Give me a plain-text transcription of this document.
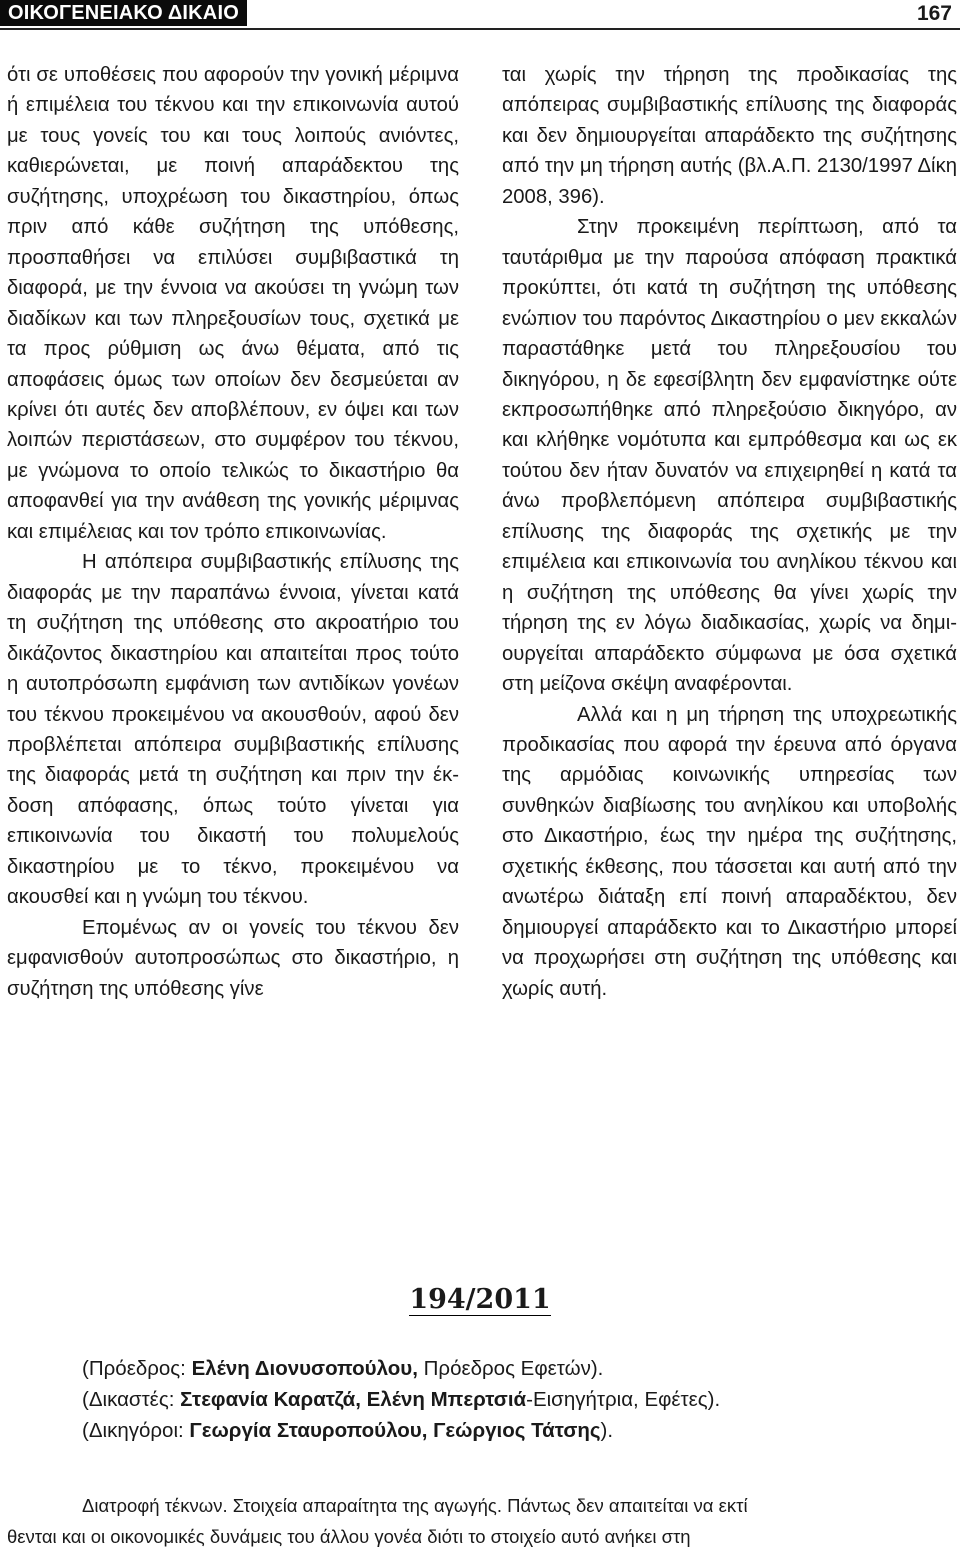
ΟΙΚΟΓΕΝΕΙΑΚΟ ΔΙΚΑΙΟ	167

ότι σε υποθέσεις που αφορούν την γονική μέριμνα ή επιμέλεια του τέκνου και την επικοινωνία αυτού με τους γονείς του και τους λοιπούς ανιόντες, καθιερώνεται, με ποινή απαράδεκτου της συζήτησης, υποχρέωση του δικαστηρίου, όπως πριν από κάθε συζήτηση της υπόθεσης, προσπαθήσει να επιλύσει συμβιβαστικά τη διαφορά, με την έννοια να ακούσει τη γνώμη των διαδίκων και των πληρεξουσίων τους, σχετικά με τα προς ρύθμιση ως άνω θέματα, από τις αποφάσεις όμως των οποίων δεν δεσμεύεται αν κρίνει ότι αυτές δεν αποβλέπουν, εν όψει και των λοιπών περιστάσεων, στο συμφέρον του τέκνου, με γνώμονα το οποίο τελικώς το δικαστήριο θα αποφανθεί για την ανάθεση της γονικής μέριμνας και επιμέλειας και τον τρόπο επικοινωνίας.

Η απόπειρα συμβιβαστικής επίλυσης της διαφοράς με την παραπάνω έννοια, γίνεται κατά τη συζήτηση της υπόθεσης στο ακροατήριο του δικάζοντος δικαστηρίου και απαιτείται προς τούτο η αυτοπρόσωπη εμφάνιση των αντιδίκων γονέων του τέκνου προκειμένου να ακουσθούν, αφού δεν προβλέπεται απόπειρα συμβιβαστικής επίλυσης της διαφοράς μετά τη συζήτηση και πριν την έκδοση απόφασης, όπως τούτο γίνεται για επικοινωνία του δικαστή του πολυμελούς δικαστηρίου με το τέκνο, προκειμένου να ακουσθεί και η γνώμη του τέκνου.

Επομένως αν οι γονείς του τέκνου δεν εμφανισθούν αυτοπροσώπως στο δικαστήριο, η συζήτηση της υπόθεσης γίνε

ται χωρίς την τήρηση της προδικασίας της απόπειρας συμβιβαστικής επίλυσης της διαφοράς και δεν δημιουργείται απαράδεκτο της συζήτησης από την μη τήρηση αυτής (βλ.Α.Π. 2130/1997 Δίκη 2008, 396).

Στην προκειμένη περίπτωση, από τα ταυτάριθμα με την παρούσα απόφαση πρακτικά προκύπτει, ότι κατά τη συζήτηση της υπόθεσης ενώπιον του παρόντος Δικαστηρίου ο μεν εκκαλών παραστάθηκε μετά του πληρεξουσίου του δικηγόρου, η δε εφεσίβλητη δεν εμφανίστηκε ούτε εκπροσωπήθηκε από πληρεξούσιο δικηγόρο, αν και κλήθηκε νομότυπα και εμπρόθεσμα και ως εκ τούτου δεν ήταν δυνατόν να επιχειρηθεί η κατά τα άνω προβλεπόμενη απόπειρα συμβιβαστικής επίλυσης της διαφοράς της σχετικής με την επιμέλεια και επικοινωνία του ανηλίκου τέκνου και η συζήτηση της υπόθεσης θα γίνει χωρίς την τήρηση της εν λόγω διαδικασίας, χωρίς να δημιουργείται απαράδεκτο σύμφωνα με όσα σχετικά στη μείζονα σκέψη αναφέρονται.

Αλλά και η μη τήρηση της υποχρεωτικής προδικασίας που αφορά την έρευνα από όργανα της αρμόδιας κοινωνικής υπηρεσίας των συνθηκών διαβίωσης του ανηλίκου και υποβολής στο Δικαστήριο, έως την ημέρα της συζήτησης, σχετικής έκθεσης, που τάσσεται και αυτή από την ανωτέρω διάταξη επί ποινή απαραδέκτου, δεν δημιουργεί απαράδεκτο και το Δικαστήριο μπορεί να προχωρήσει στη συζήτηση της υπόθεσης και χωρίς αυτή.

194/2011
(Πρόεδρος: Ελένη Διονυσοπούλου, Πρόεδρος Εφετών).
(Δικαστές: Στεφανία Καρατζά, Ελένη Μπερτσιά-Εισηγήτρια, Εφέτες).
(Δικηγόροι: Γεωργία Σταυροπούλου, Γεώργιος Τάτσης).
Διατροφή τέκνων. Στοιχεία απαραίτητα της αγωγής. Πάντως δεν απαιτείται να εκτί
θενται και οι οικονομικές δυνάμεις του άλλου γονέα διότι το στοιχείο αυτό ανήκει στη
